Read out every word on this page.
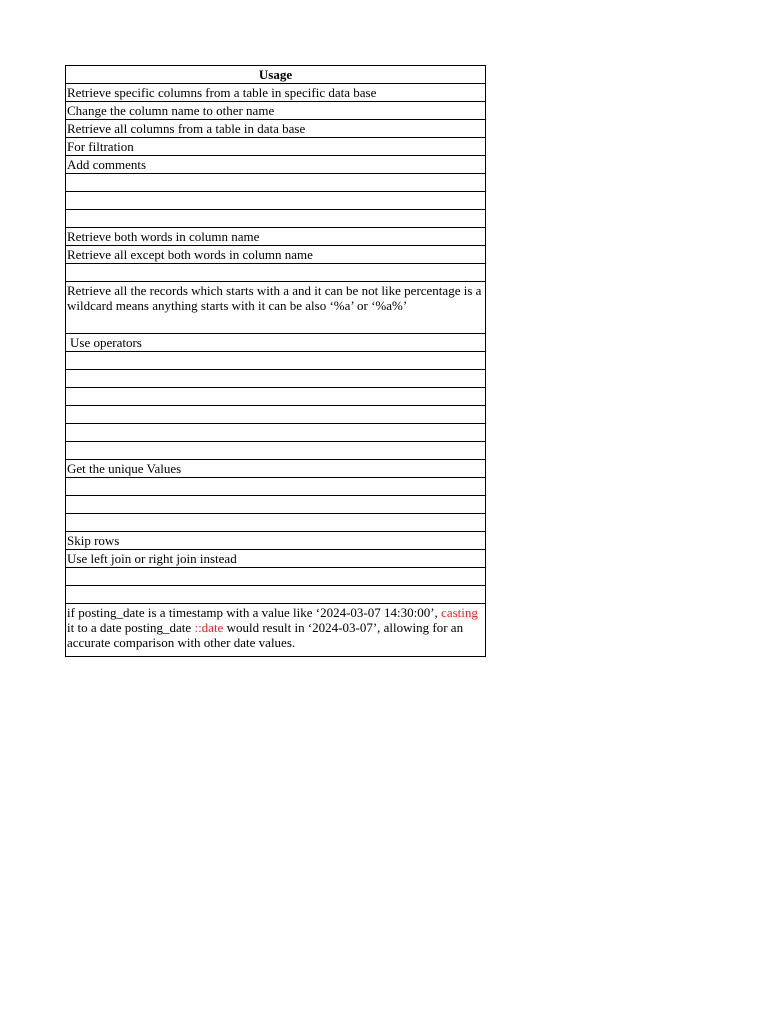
Usage
Retrieve specific columns from a table in specific data base
Change the column name to other name
Retrieve all columns from a table in data base
For filtration
Add comments

Retrieve both words in column name
Retrieve all except both words in column name

Retrieve all the records which starts with a and it can be not like percentage is a wildcard means anything starts with it can be also ‘%a’ or ‘%a%’
Use operators

Get the unique Values

Skip rows
Use left join or right join instead

if posting_date is a timestamp with a value like ‘2024-03-07 14:30:00’, casting it to a date posting_date ::date would result in ‘2024-03-07’, allowing for an accurate comparison with other date values.
